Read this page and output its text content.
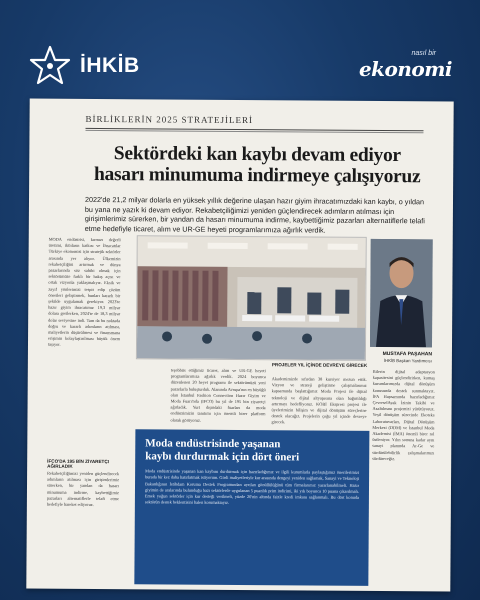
İHKİB
nasıl bir
ekonomi
BİRLİKLERİN 2025 STRATEJİLERİ
Sektördeki kan kaybı devam ediyor
hasarı minumuma indirmeye çalışıyoruz
2022'de 21,2 milyar dolarla en yüksek yıllık değerine ulaşan hazır giyim ihracatımızdaki kan kaybı, o yıldan bu yana ne yazık ki devam ediyor. Rekabetçiliğimizi yeniden güçlendirecek adımların atılması için girişimlerimiz sürerken, bir yandan da hasarı minumuma indirme, kaybettiğimiz pazarları alternatiflerle telafi etme hedefiyle ticaret, alım ve UR-GE heyeti programlarımıza ağırlık verdik.
MODA endüstrisi, kırmızı değerli üretimi, iktidarın katkısı ve İhracatılar Türkiye ekonomisi için stratejik sektörler arasında yer alıyor. Ülkemizin rekabetçiliğini artırmak ve dünya pazarlarında söz sahibi olmak için sektörümüze farklı bir bakış açısı ve ortak vizyonla yaklaşmalıyız. Eksik ve zayıf yönlerimizi tespit edip çözüm önerileri geliştirmek, bunları kararlı bir şekilde uygulamak gerekiyor. 2023'te hazır giyim ihracatımız 19,3 milyar dolara gerilerken, 2024'te de 18,3 milyar dolar seviyesine indi. Tam da bu noktada doğru ve kararlı adımların atılması, maliyetlerin düşürülmesi ve finansmana erişimin kolaylaştırılması büyük önem taşıyor.
İFCO'DA 195 BİN ZİYARETÇI AĞIRLADIK
Rekabetçiliğimizi yeniden güçlendirecek adımların atılması için girişimlerimiz sürerken, bir yandan da hasarı minumuma indirme, kaybettiğimiz pazarları alternatiflerle telafi etme hedefiyle hareket ediyoruz.
MUSTAFA PAŞAHAN
İHKİB Başkan Yardımcısı
teşebbüs ettiğimiz ticaret, alım ve UR-GE heyeti programlarımıza ağırlık verdik. 2024 boyunca düzenlenen 20 heyet programı ile sektörümüzü yeni pazarlarla buluşturduk. Alanında Avrupa'nın en büyüğü olan İstanbul Fashion Connection Hazır Giyim ve Moda Fuarı'nda (IFCO) bu yıl de 195 bin ziyaretçi ağırladık. Yurt dışındaki fuarları da moda endüstrimizin tanıtımı için önemli birer platform olarak görüyoruz.
PROJELER YIL İÇİNDE DEVREYE GİRECEK
Akademimizde sıfırdan 38 kursiyer mezun ettik. Vizyon ve strateji geliştirme çalışmalarımız kapsamında başlattığımız Moda Projesi ile dijital teknoloji ve dijital altyapısına olan bağımlılığı artırmayı hedefliyoruz. KOBİ Ekspresi projesi ile üyelerimizin bilişim ve dijital dönüşüm süreçlerine destek olacağız. Projelerin çoğu yıl içinde devreye girecek.
Bilerin dijital adaptasyon kapasitesini güçlendirirken, kumaş kurumlarımızda dijital dönüşüm konusunda destek sunmaktayız. İFA Hapsamında hazırladığımız ÇevreselAyak İzinin Takibi ve Azaltılması projemizi yürütüyoruz. Yeşil dönüşüm sürecinde Ekoteks Laboratuvarları, Dijital Dönüşüm Merkezi (DDM) ve İstanbul Moda Akademisi (İMA) önemli birer rol üstleniyor. Yılın sonuna kadar aynı sanayi planında Ar-Ge ve sürdürülebilirlik çalışmalarımızı sürdüreceğiz.
Moda endüstrisinde yaşanan
kaybı durdurmak için dört öneri
Moda endüstrisinde yaşanan kan kaybını durdurmak için hazırladığımız ve ilgili kurumlarla paylaştığımız önerilerimizi burada bir kez daha hatırlatmak istiyorum. Girdi maliyetleriyle kur arasında dengeyi yeniden sağlamak, Sanayi ve Teknoloji Bakanlığının İstihdam Koruma Destek Programından ayrılan gönüllülüğünü tüm firmalarımız yararlanabilmeli. Hazır giyimin de aralarında bulunduğu bazı sektörlerde uygulanan 5 puanlık prim indirimi, iki yılı boyunca 10 puana çıkarılmalı. Emek yoğun sektörler için kur desteği verilmeli, yüzde 20'nin altında faizle kredi imkanı sağlanmalı. Bu dört konuda sektörün destek beklentisini halen korumaktayız.
